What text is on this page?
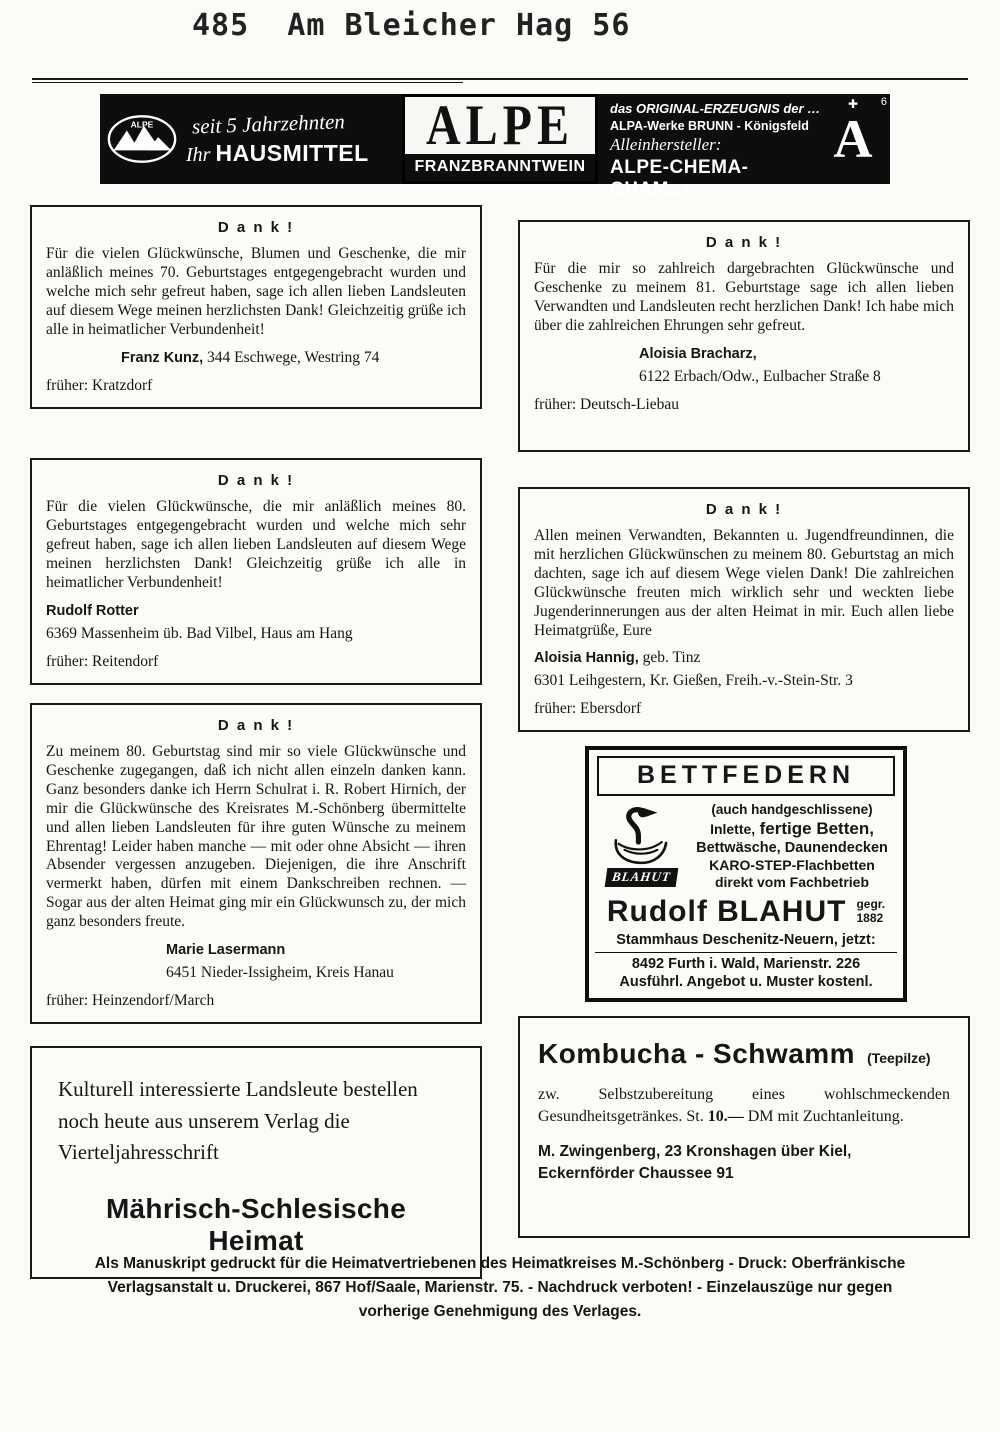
485  Am Bleicher Hag 56
ALPE seit 5 Jahrzehnten
Ihr HAUSMITTEL	ALPE
FRANZBRANNTWEIN
das ORIGINAL-ERZEUGNIS der …
ALPA-Werke BRUNN - Königsfeld
Alleinhersteller:
ALPE-CHEMA-CHAM/BAY.
✚
A
6
D a n k !

Für die vielen Glückwünsche, Blumen und Geschenke, die mir anläßlich meines 70. Geburtstages entgegengebracht wurden und welche mich sehr gefreut haben, sage ich allen lieben Landsleuten auf diesem Wege meinen herzlichsten Dank! Gleichzeitig grüße ich alle in heimatlicher Verbundenheit!

Franz Kunz, 344 Eschwege, Westring 74
früher: Kratzdorf
D a n k !

Für die vielen Glückwünsche, die mir anläßlich meines 80. Geburtstages entgegengebracht wurden und welche mich sehr gefreut haben, sage ich allen lieben Landsleuten auf diesem Wege meinen herzlichsten Dank! Gleichzeitig grüße ich alle in heimatlicher Verbundenheit!

Rudolf Rotter
6369 Massenheim üb. Bad Vilbel, Haus am Hang
früher: Reitendorf
D a n k !

Zu meinem 80. Geburtstag sind mir so viele Glückwünsche und Geschenke zugegangen, daß ich nicht allen einzeln danken kann. Ganz besonders danke ich Herrn Schulrat i. R. Robert Hirnich, der mir die Glückwünsche des Kreisrates M.-Schönberg übermittelte und allen lieben Landsleuten für ihre guten Wünsche zu meinem Ehrentag! Leider haben manche — mit oder ohne Absicht — ihren Absender vergessen anzugeben. Diejenigen, die ihre Anschrift vermerkt haben, dürfen mit einem Dankschreiben rechnen. — Sogar aus der alten Heimat ging mir ein Glückwunsch zu, der mich ganz besonders freute.

Marie Lasermann
6451 Nieder-Issigheim, Kreis Hanau
früher: Heinzendorf/March
Kulturell interessierte Landsleute bestellen noch heute aus unserem Verlag die Vierteljahresschrift
Mährisch-Schlesische Heimat
D a n k !

Für die mir so zahlreich dargebrachten Glückwünsche und Geschenke zu meinem 81. Geburtstage sage ich allen lieben Verwandten und Landsleuten recht herzlichen Dank! Ich habe mich über die zahlreichen Ehrungen sehr gefreut.

Aloisia Bracharz,
6122 Erbach/Odw., Eulbacher Straße 8
früher: Deutsch-Liebau
D a n k !

Allen meinen Verwandten, Bekannten u. Jugendfreundinnen, die mit herzlichen Glückwünschen zu meinem 80. Geburtstag an mich dachten, sage ich auf diesem Wege vielen Dank! Die zahlreichen Glückwünsche freuten mich wirklich sehr und weckten liebe Jugenderinnerungen aus der alten Heimat in mir. Euch allen liebe Heimatgrüße, Eure

Aloisia Hannig, geb. Tinz
6301 Leihgestern, Kr. Gießen, Freih.-v.-Stein-Str. 3
früher: Ebersdorf
BETTFEDERN
BLAHUT
(auch handgeschlissene)
Inlette, fertige Betten,
Bettwäsche, Daunendecken
KARO-STEP-Flachbetten
direkt vom Fachbetrieb
Rudolf BLAHUT gegr.
1882
Stammhaus Deschenitz-Neuern, jetzt:
8492 Furth i. Wald, Marienstr. 226
Ausführl. Angebot u. Muster kostenl.
Kombucha - Schwamm (Teepilze)

zw. Selbstzubereitung eines wohlschmeckenden Gesundheitsgetränkes. St. 10.— DM mit Zuchtanleitung.

M. Zwingenberg, 23 Kronshagen über Kiel, Eckernförder Chaussee 91
Als Manuskript gedruckt für die Heimatvertriebenen des Heimatkreises M.-Schönberg - Druck: Oberfränkische
Verlagsanstalt u. Druckerei, 867 Hof/Saale, Marienstr. 75. - Nachdruck verboten! - Einzelauszüge nur gegen
vorherige Genehmigung des Verlages.
